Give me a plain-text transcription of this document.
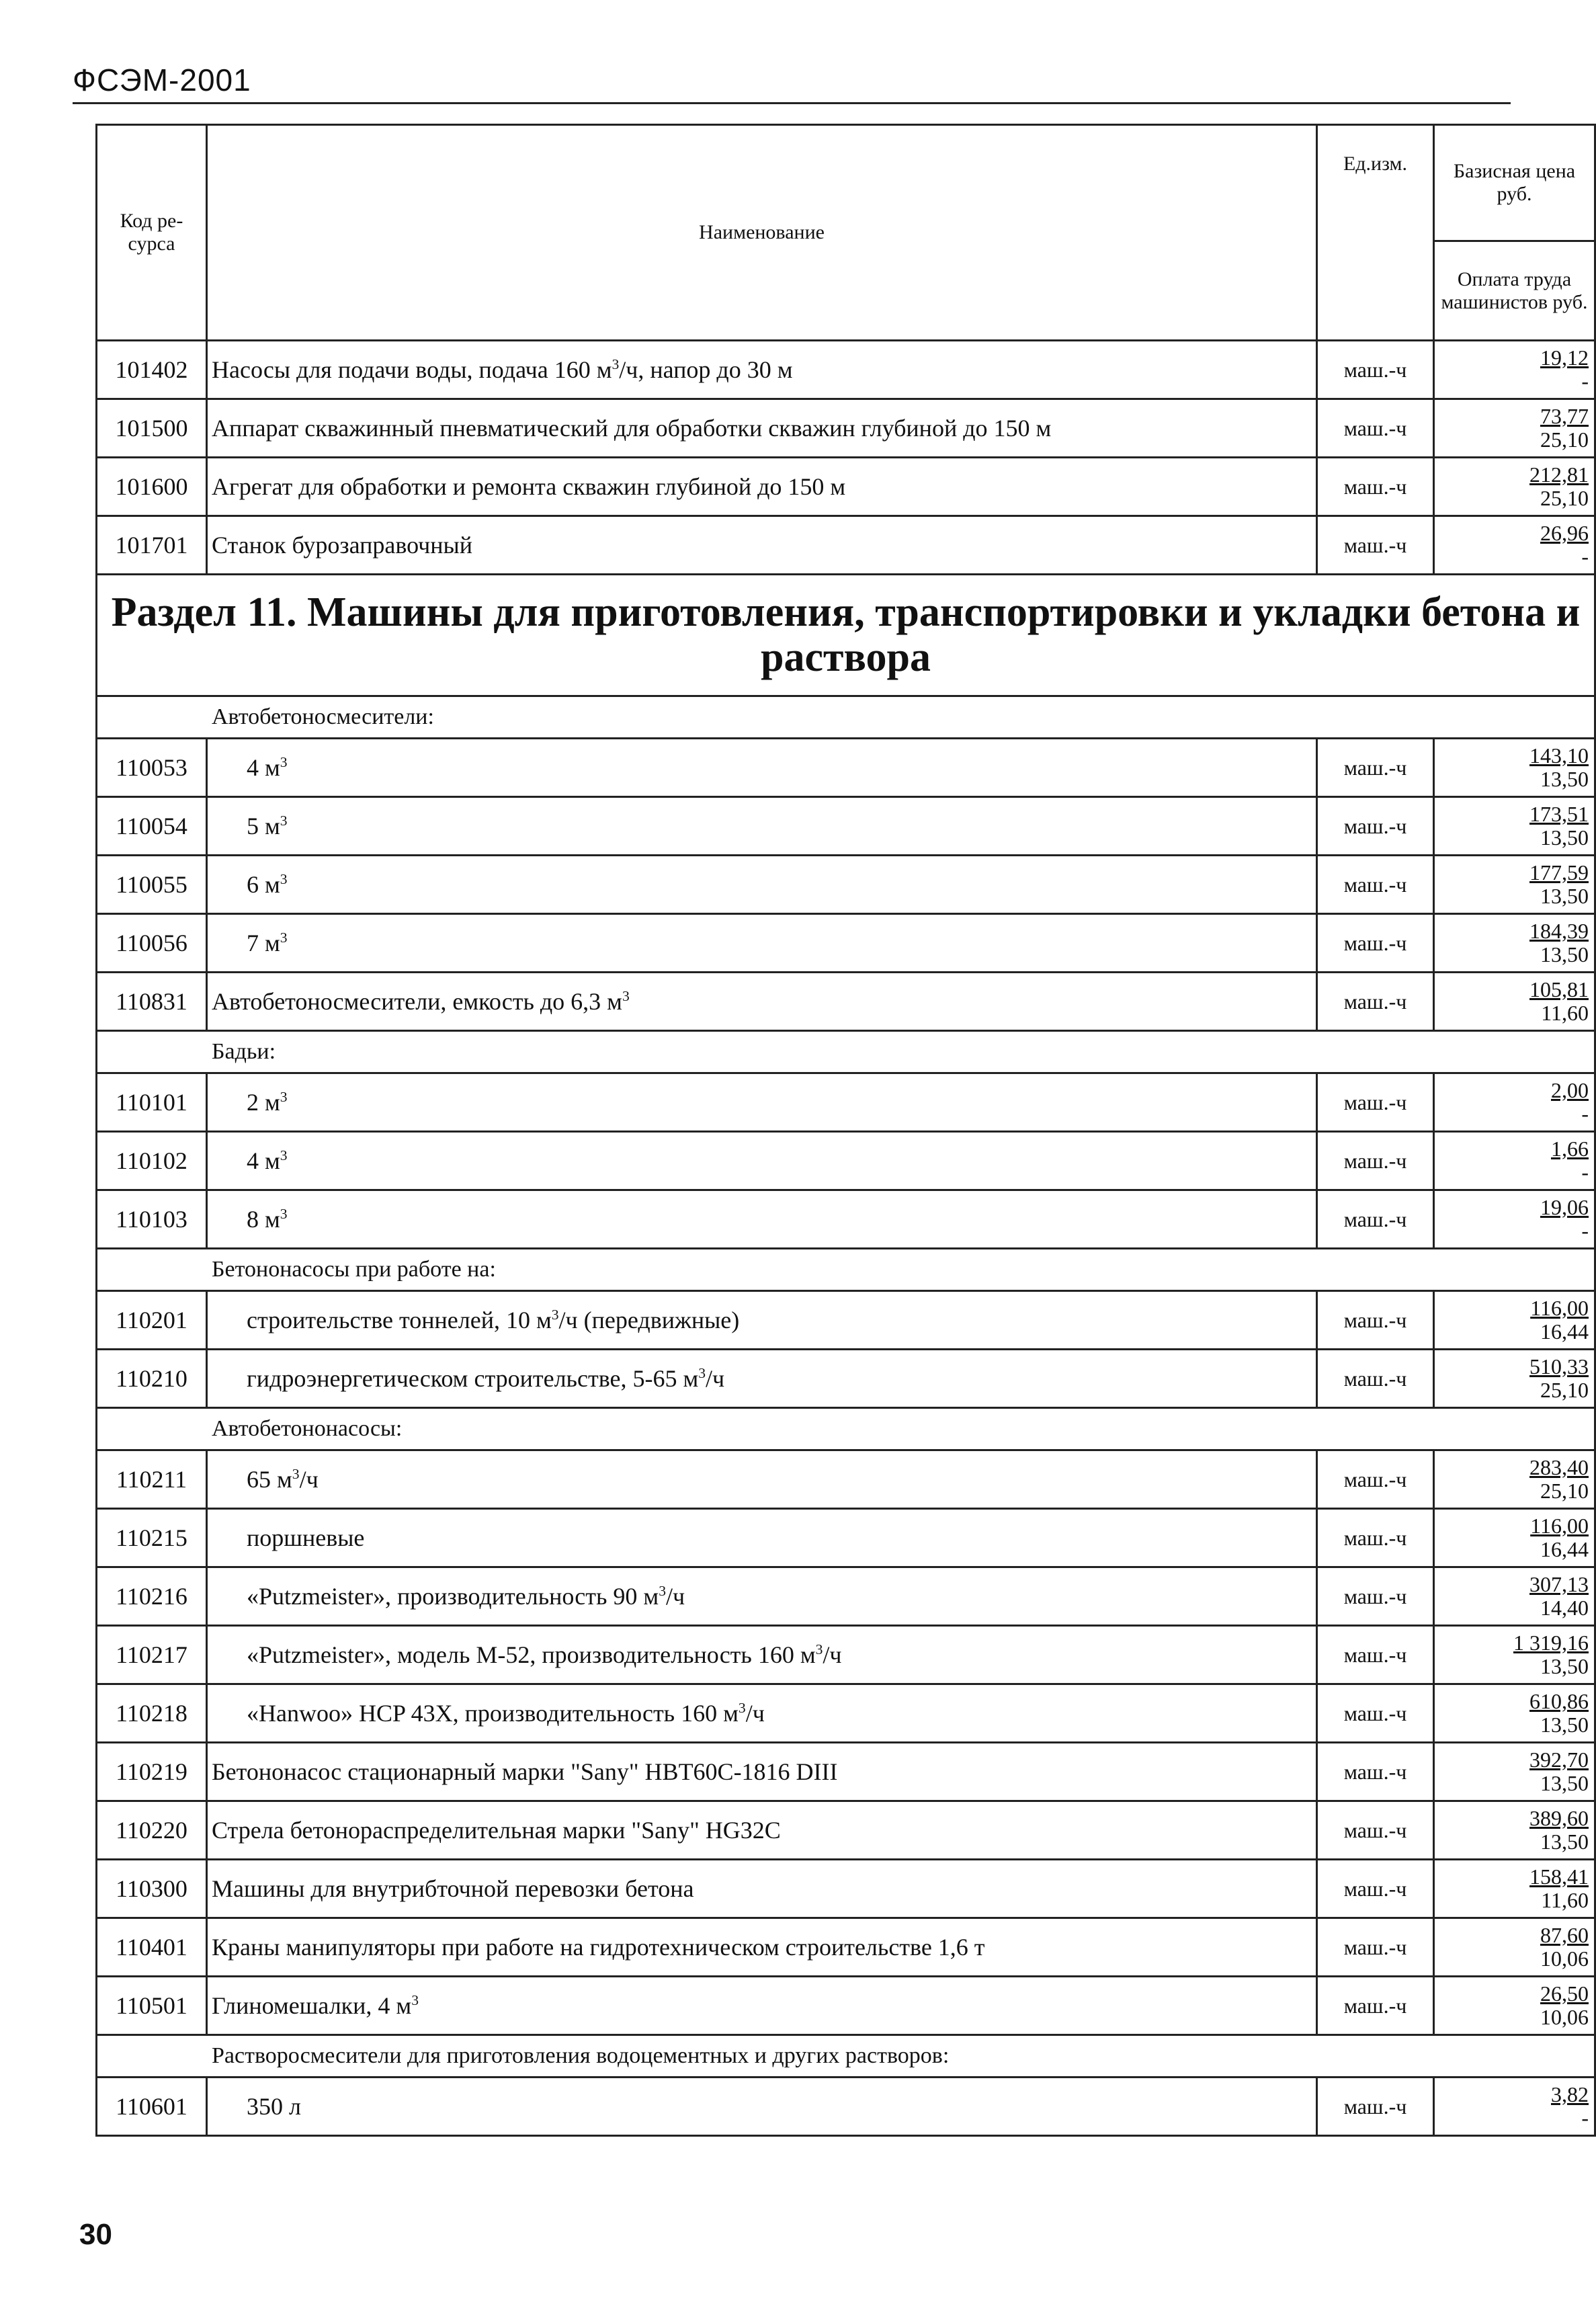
ФСЭМ-2001
Код ре-сурса	Наименование	Ед.изм.	Базисная цена руб.
			Оплата труда машинистов руб.
101402	Насосы для подачи воды, подача 160 $м^3/ч$, напор до 30 м	маш.-ч	19,12
-

101500	Аппарат скважинный пневматический для обработки скважин глубиной до 150 м	маш.-ч	73,77
25,10

101600	Агрегат для обработки и ремонта скважин глубиной до 150 м	маш.-ч	212,81
25,10

101701	Станок бурозаправочный	маш.-ч	26,96
-

Раздел 11. Машины для приготовления, транспортировки и укладки бетона и раствора			
Автобетоносмесители:			
110053	4 $м^3$	маш.-ч	143,10
13,50

110054	5 $м^3$	маш.-ч	173,51
13,50

110055	6 $м^3$	маш.-ч	177,59
13,50

110056	7 $м^3$	маш.-ч	184,39
13,50

110831	Автобетоносмесители, емкость до 6,3 $м^3$	маш.-ч	105,81
11,60

Бадьи:			
110101	2 $м^3$	маш.-ч	2,00
-

110102	4 $м^3$	маш.-ч	1,66
-

110103	8 $м^3$	маш.-ч	19,06
-

Бетононасосы при работе на:			
110201	строительстве тоннелей, 10 $м^3/ч$ (передвижные)	маш.-ч	116,00
16,44

110210	гидроэнергетическом строительстве, 5-65 $м^3/ч$	маш.-ч	510,33
25,10

Автобетононасосы:			
110211	65 $м^3/ч$	маш.-ч	283,40
25,10

110215	поршневые	маш.-ч	116,00
16,44

110216	«Putzmeister», производительность 90 $м^3/ч$	маш.-ч	307,13
14,40

110217	«Putzmeister», модель М-52, производительность 160 $м^3/ч$	маш.-ч	1 319,16
13,50

110218	«Hanwoo» HCP 43X, производительность 160 $м^3/ч$	маш.-ч	610,86
13,50

110219	Бетононасос стационарный марки "Sany" HBT60C-1816 DIII	маш.-ч	392,70
13,50

110220	Стрела бетонораспределительная марки "Sany" HG32C	маш.-ч	389,60
13,50

110300	Машины для внутрибточной перевозки бетона	маш.-ч	158,41
11,60

110401	Краны манипуляторы при работе на гидротехническом строительстве 1,6 т	маш.-ч	87,60
10,06

110501	Глиномешалки, 4 $м^3$	маш.-ч	26,50
10,06

Растворосмесители для приготовления водоцементных и других растворов:			
110601	350 л	маш.-ч	3,82
-
30
